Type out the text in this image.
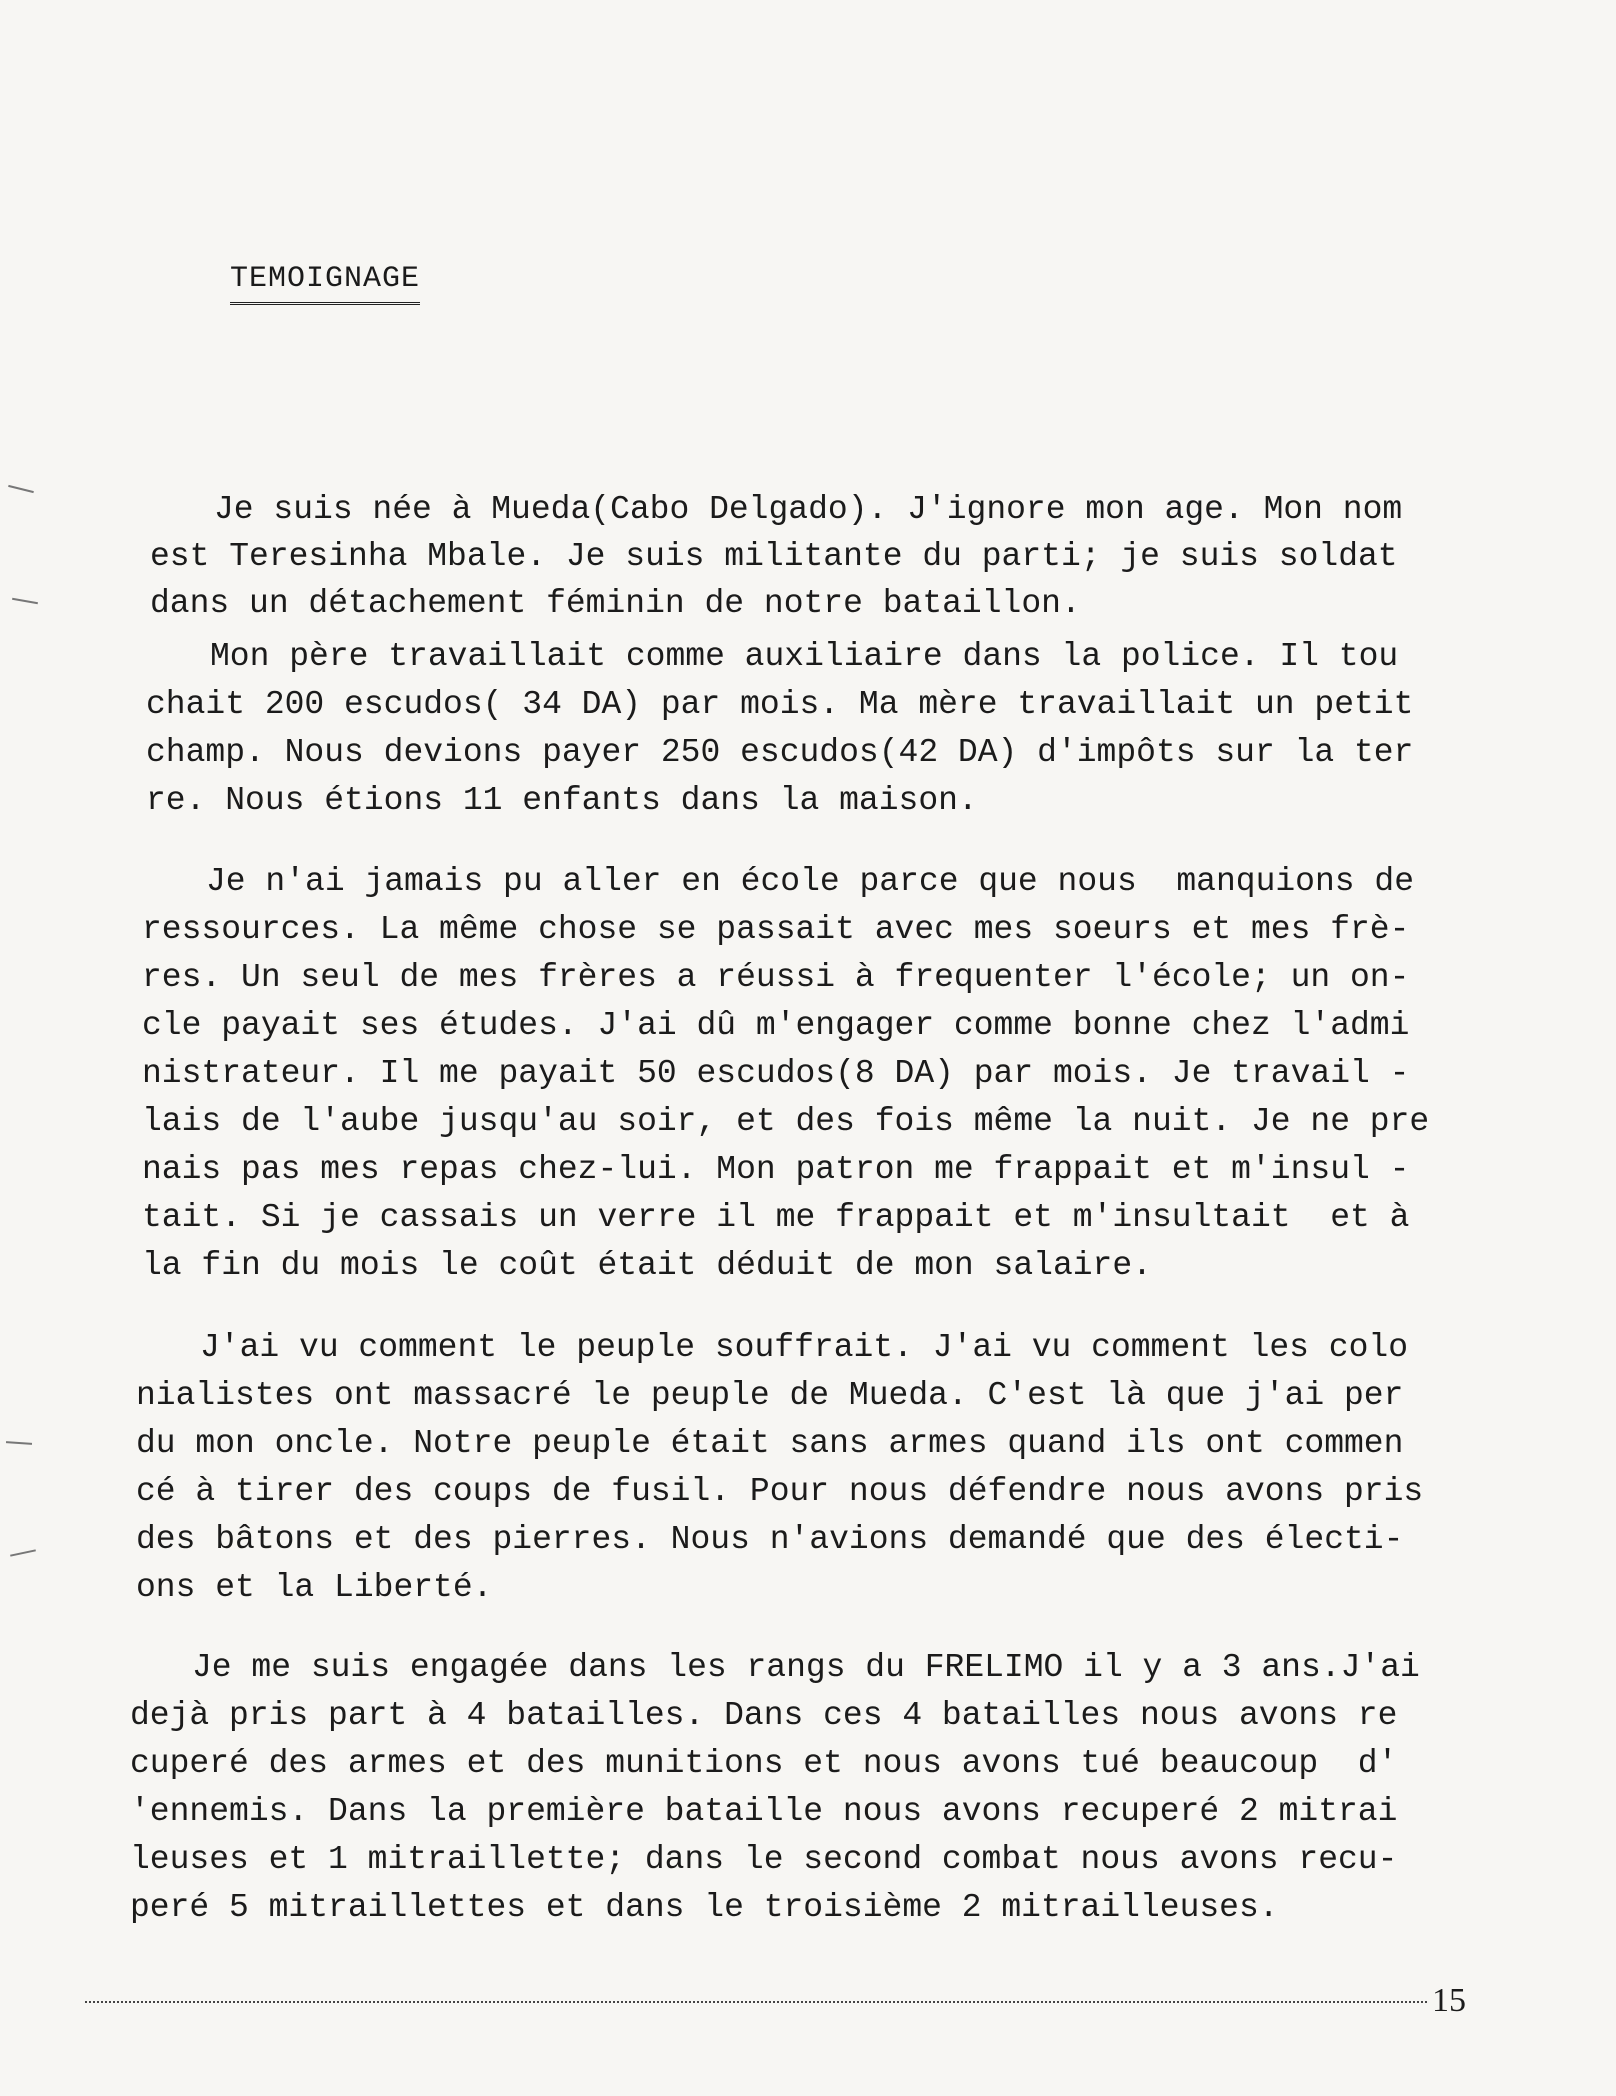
TEMOIGNAGE
Je suis née à Mueda(Cabo Delgado). J'ignore mon age. Mon nom
est Teresinha Mbale. Je suis militante du parti; je suis soldat
dans un détachement féminin de notre bataillon.
Mon père travaillait comme auxiliaire dans la police. Il tou
chait 200 escudos( 34 DA) par mois. Ma mère travaillait un petit
champ. Nous devions payer 250 escudos(42 DA) d'impôts sur la ter
re. Nous étions 11 enfants dans la maison.
Je n'ai jamais pu aller en école parce que nous  manquions de
ressources. La même chose se passait avec mes soeurs et mes frè-
res. Un seul de mes frères a réussi à frequenter l'école; un on-
cle payait ses études. J'ai dû m'engager comme bonne chez l'admi
nistrateur. Il me payait 50 escudos(8 DA) par mois. Je travail -
lais de l'aube jusqu'au soir, et des fois même la nuit. Je ne pre
nais pas mes repas chez-lui. Mon patron me frappait et m'insul -
tait. Si je cassais un verre il me frappait et m'insultait  et à
la fin du mois le coût était déduit de mon salaire.
J'ai vu comment le peuple souffrait. J'ai vu comment les colo
nialistes ont massacré le peuple de Mueda. C'est là que j'ai per
du mon oncle. Notre peuple était sans armes quand ils ont commen
cé à tirer des coups de fusil. Pour nous défendre nous avons pris
des bâtons et des pierres. Nous n'avions demandé que des électi-
ons et la Liberté.
Je me suis engagée dans les rangs du FRELIMO il y a 3 ans.J'ai
dejà pris part à 4 batailles. Dans ces 4 batailles nous avons re
cuperé des armes et des munitions et nous avons tué beaucoup  d'
'ennemis. Dans la première bataille nous avons recuperé 2 mitrai
leuses et 1 mitraillette; dans le second combat nous avons recu-
peré 5 mitraillettes et dans le troisième 2 mitrailleuses.
15
